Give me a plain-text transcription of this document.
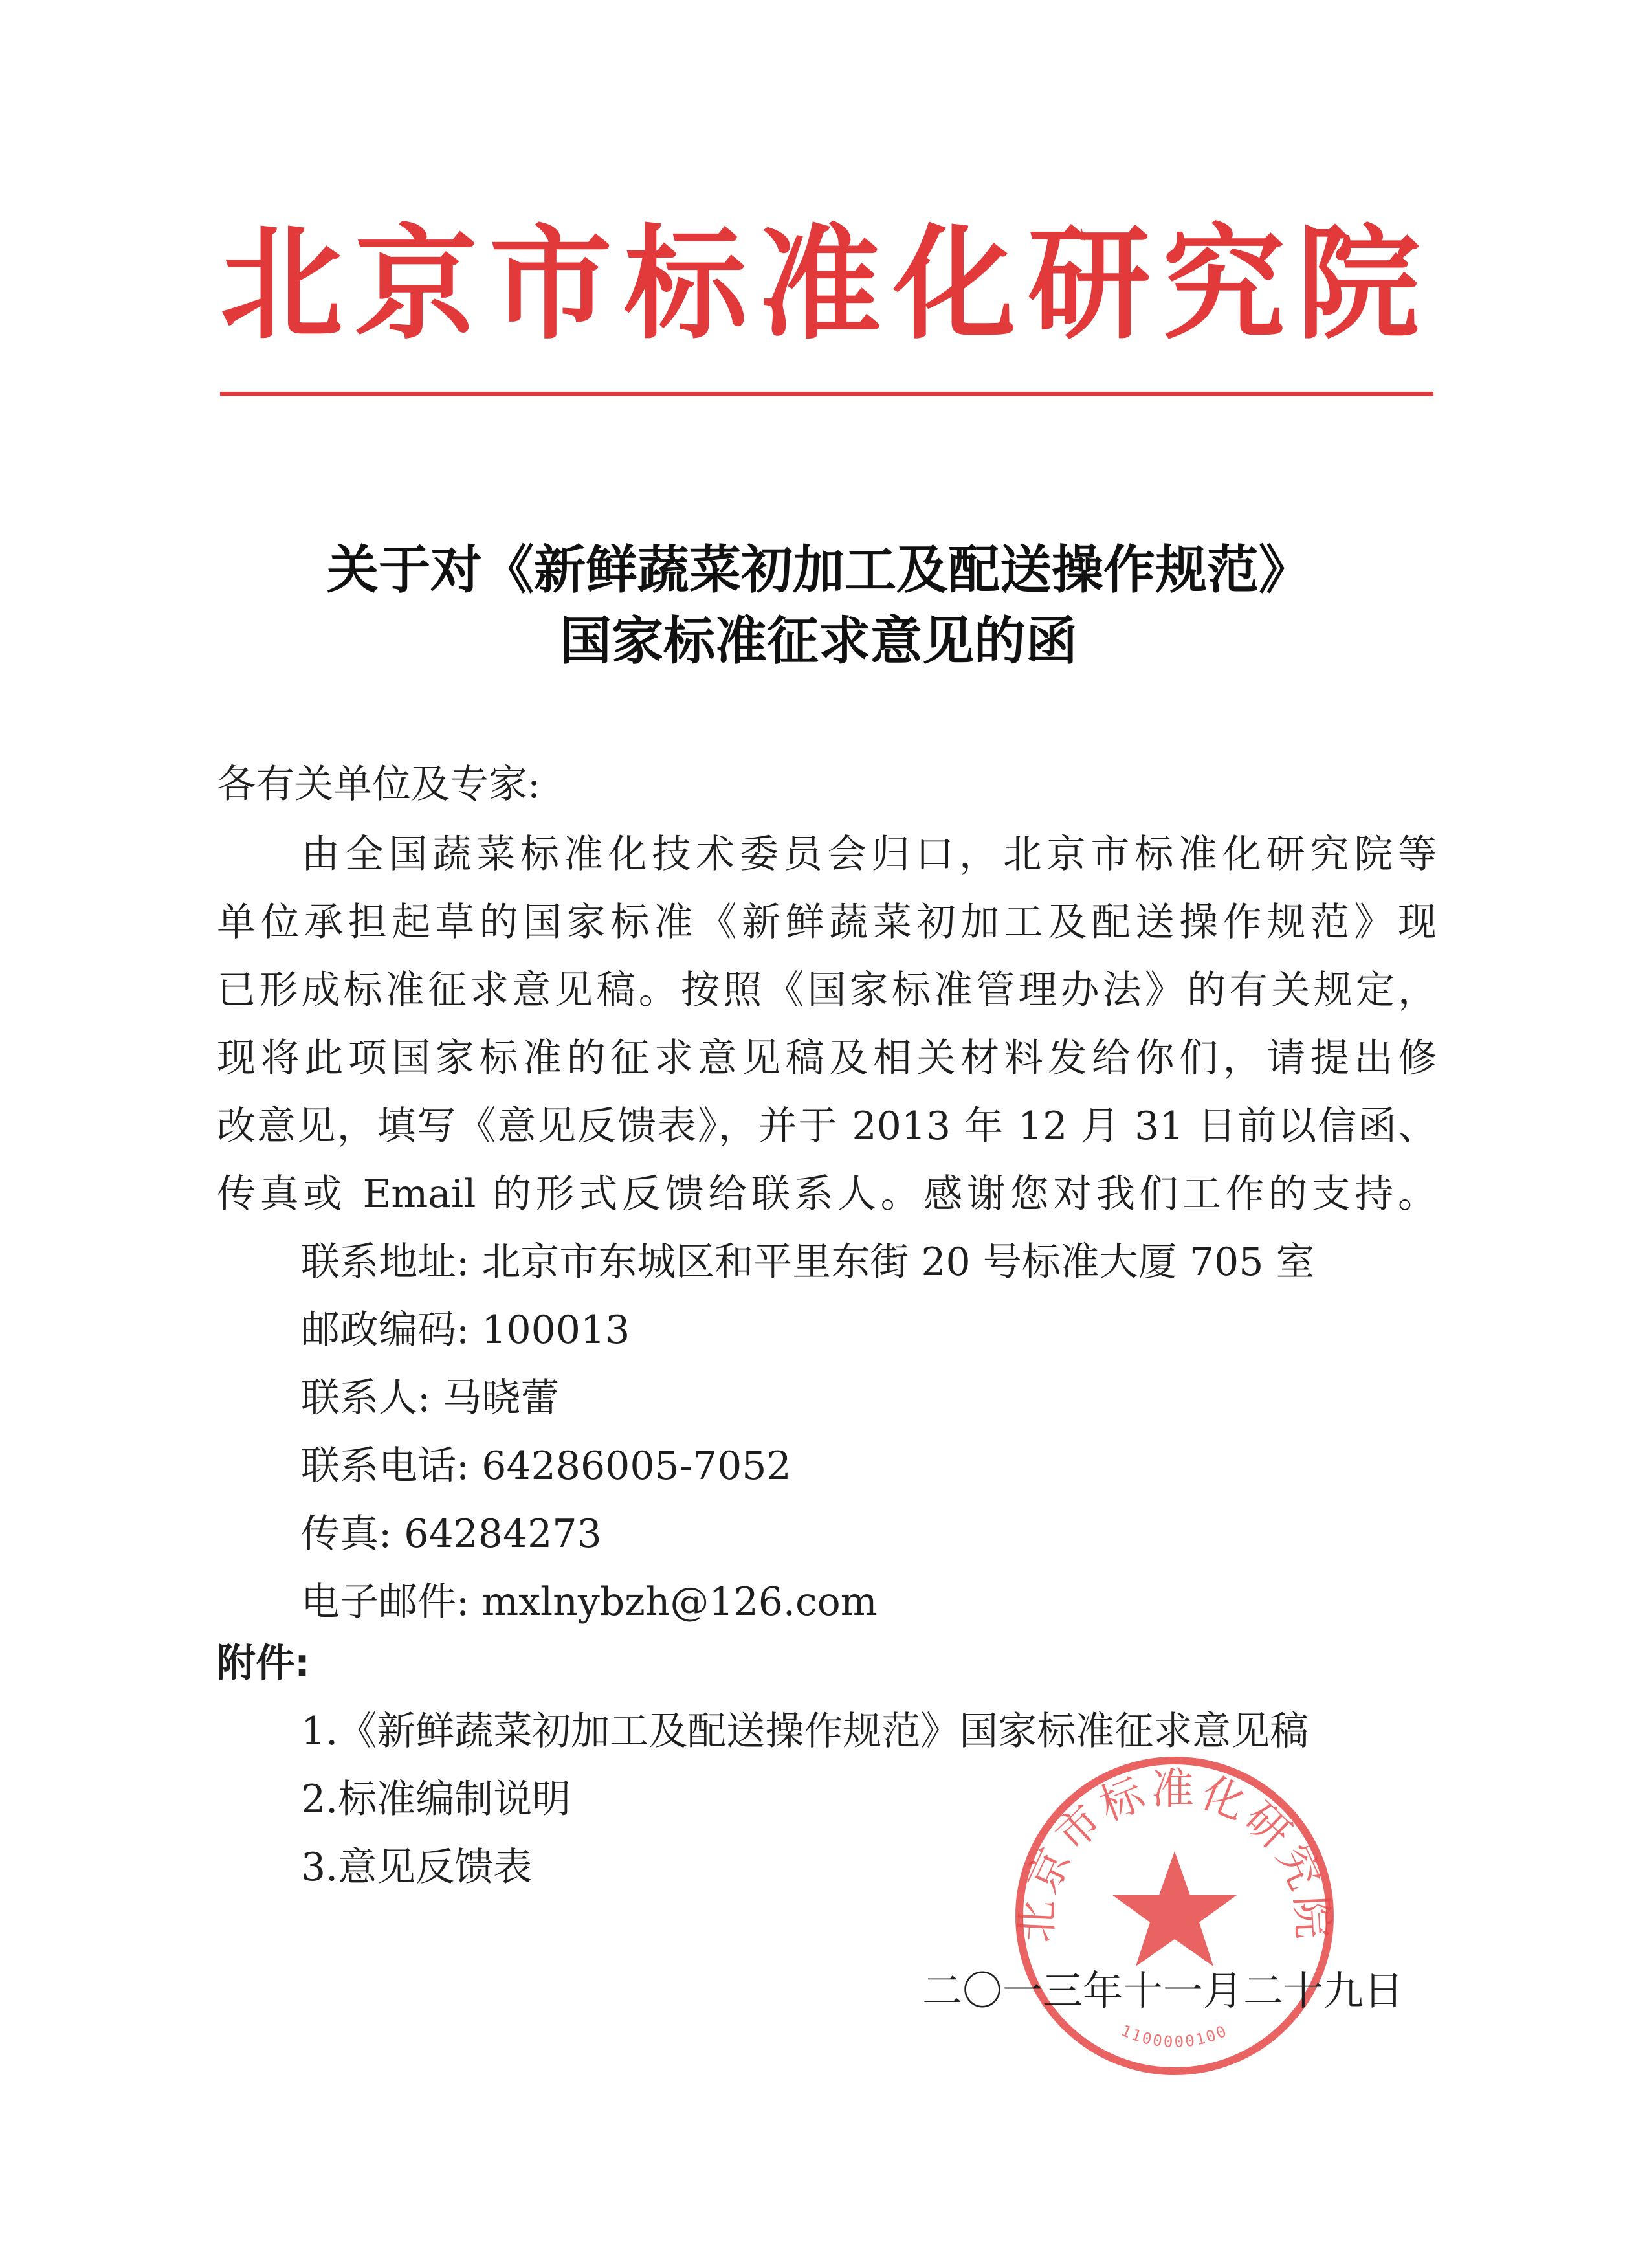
北京市标准化研究院
关于对《新鲜蔬菜初加工及配送操作规范》
国家标准征求意见的函
各有关单位及专家:
由全国蔬菜标准化技术委员会归口，北京市标准化研究院等
单位承担起草的国家标准《新鲜蔬菜初加工及配送操作规范》现
已形成标准征求意见稿。按照《国家标准管理办法》的有关规定，
现将此项国家标准的征求意见稿及相关材料发给你们，请提出修
改意见，填写《意见反馈表》，并于 2013 年 12 月 31 日前以信函、
传真或 Email 的形式反馈给联系人。感谢您对我们工作的支持。
联系地址: 北京市东城区和平里东街 20 号标准大厦 705 室
邮政编码: 100013
联系人: 马晓蕾
联系电话: 64286005-7052
传真: 64284273
电子邮件: mxlnybzh@126.com
附件:
1.《新鲜蔬菜初加工及配送操作规范》国家标准征求意见稿
2.标准编制说明
3.意见反馈表
北京市标准化研究院
1100000100
二〇一三年十一月二十九日
